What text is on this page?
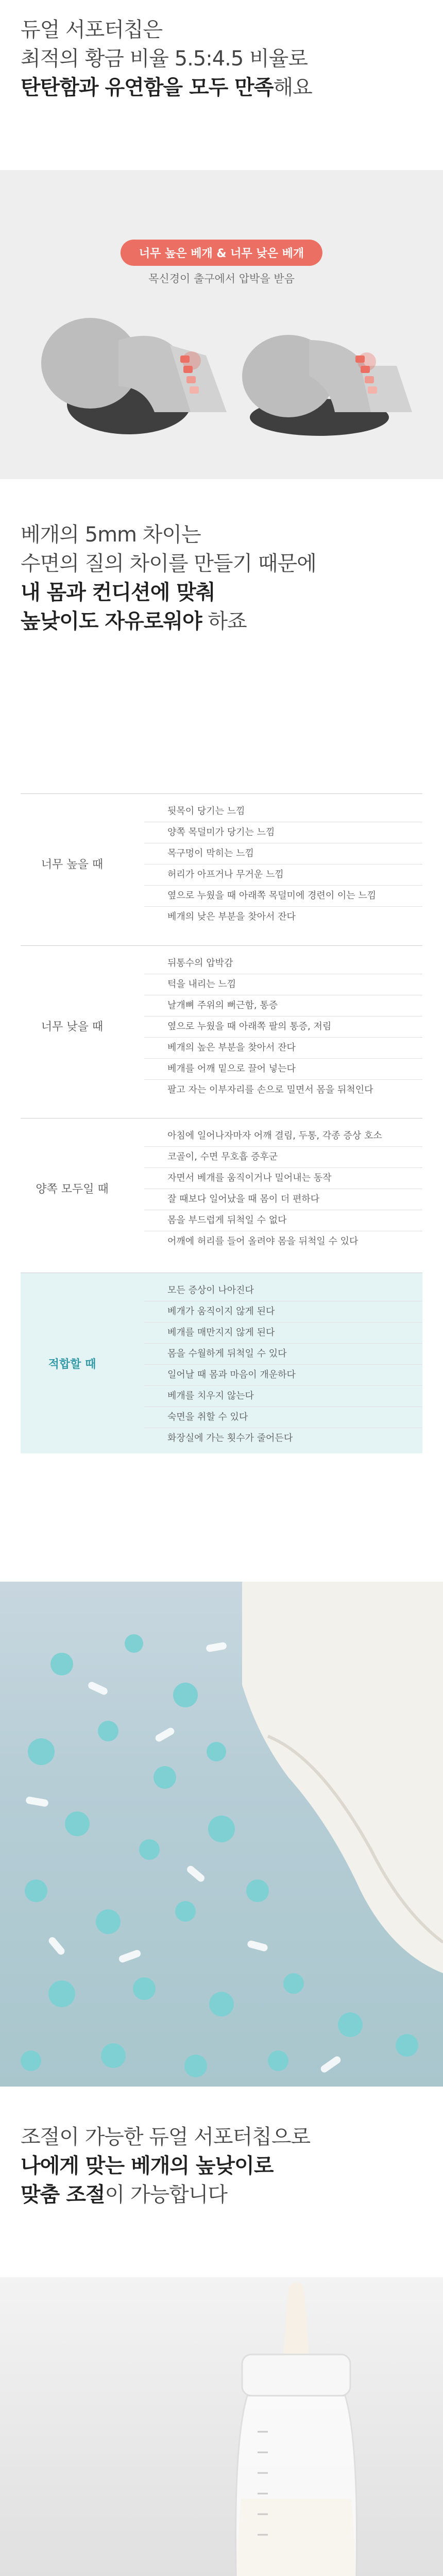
듀얼 서포터칩은
최적의 황금 비율 5.5:4.5 비율로
탄탄함과 유연함을 모두 만족해요
너무 높은 베개 & 너무 낮은 베개
목신경이 출구에서 압박을 받음
베개의 5mm 차이는
수면의 질의 차이를 만들기 때문에
내 몸과 컨디션에 맞춰
높낮이도 자유로워야 하죠
너무 높을 때
뒷목이 당기는 느낌
양쪽 목덜미가 당기는 느낌
목구멍이 막히는 느낌
허리가 아프거나 무거운 느낌
옆으로 누웠을 때 아래쪽 목덜미에 경련이 이는 느낌
베개의 낮은 부분을 찾아서 잔다
너무 낮을 때
뒤통수의 압박감
턱을 내리는 느낌
날개뼈 주위의 뻐근함, 통증
옆으로 누웠을 때 아래쪽 팔의 통증, 저림
베개의 높은 부분을 찾아서 잔다
베개를 어깨 밑으로 끌어 넣는다
팔고 자는 이부자리를 손으로 밀면서 몸을 뒤척인다
양쪽 모두일 때
아침에 일어나자마자 어깨 결림, 두통, 각종 증상 호소
코골이, 수면 무호흡 증후군
자면서 베개를 움직이거나 밀어내는 동작
잘 때보다 일어났을 때 몸이 더 편하다
몸을 부드럽게 뒤척일 수 없다
어깨에 허리를 들어 올려야 몸을 뒤척일 수 있다
적합할 때
모든 증상이 나아진다
베개가 움직이지 않게 된다
베개를 매만지지 않게 된다
몸을 수월하게 뒤척일 수 있다
일어날 때 몸과 마음이 개운하다
베개를 치우지 않는다
숙면을 취할 수 있다
화장실에 가는 횟수가 줄어든다
조절이 가능한 듀얼 서포터칩으로
나에게 맞는 베개의 높낮이로
맞춤 조절이 가능합니다
